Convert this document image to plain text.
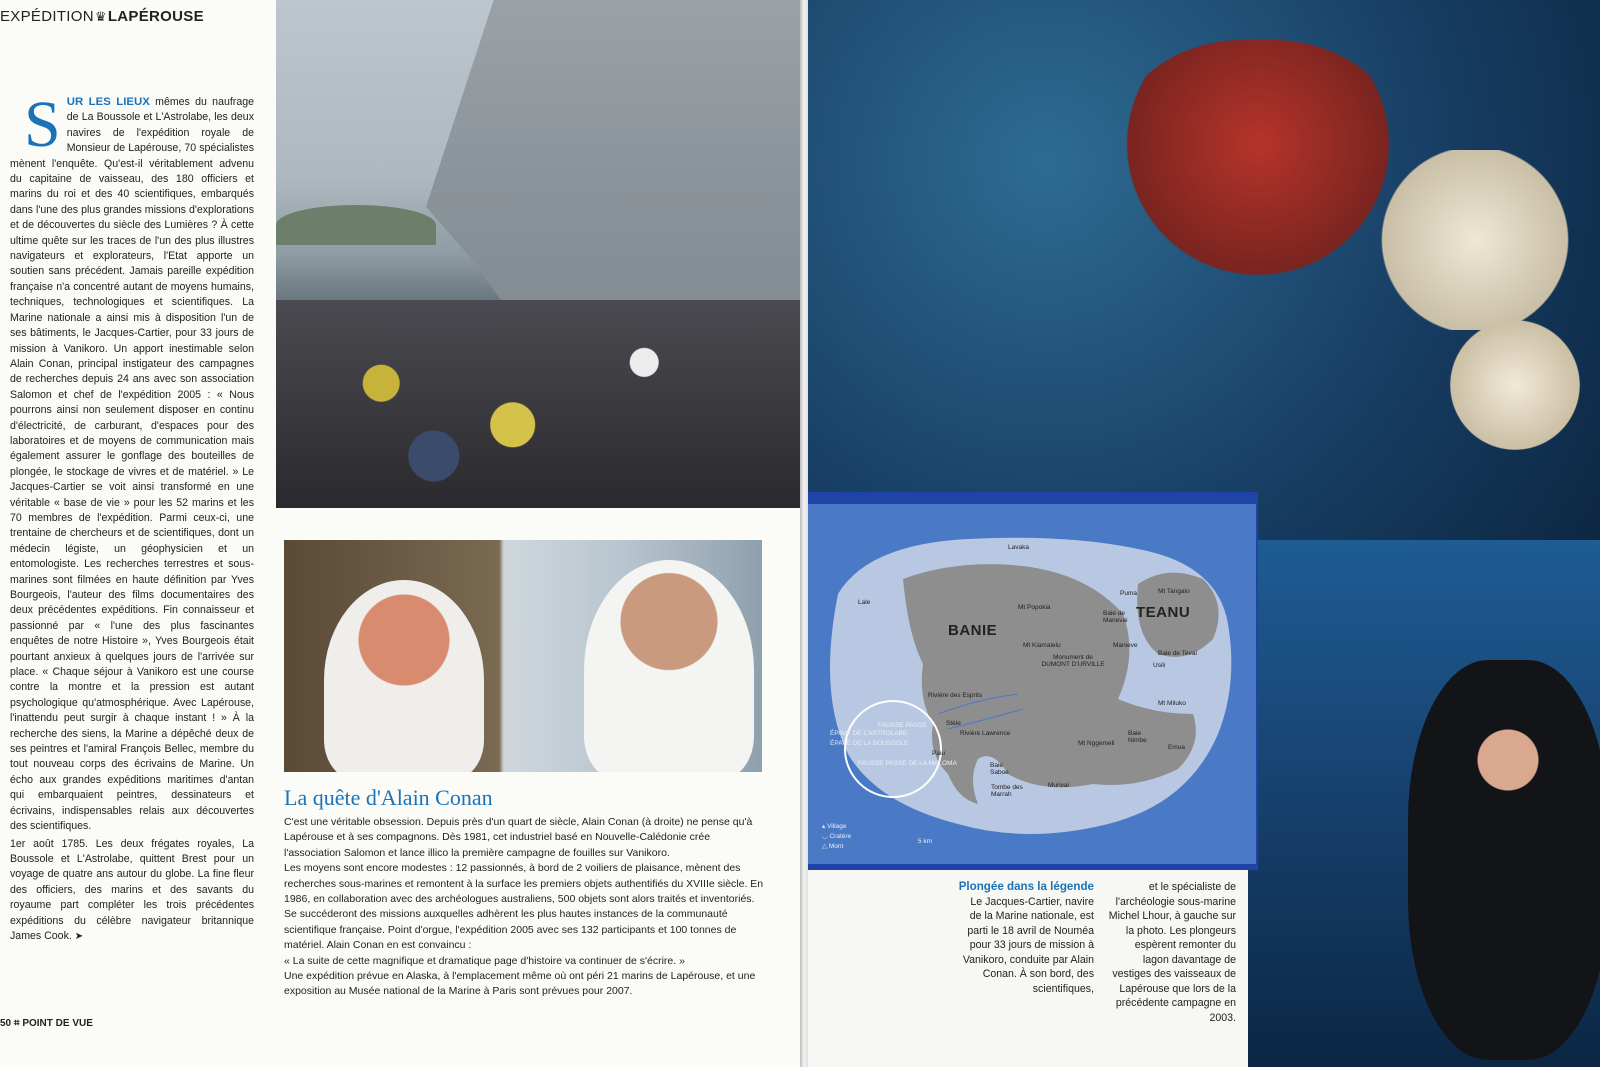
EXPÉDITION♛LAPÉROUSE
S UR LES LIEUX mêmes du naufrage de La Boussole et L'Astrolabe, les deux navires de l'expédition royale de Monsieur de Lapérouse, 70 spécialistes mènent l'enquête. Qu'est-il véritablement advenu du capitaine de vaisseau, des 180 officiers et marins du roi et des 40 scientifiques, embarqués dans l'une des plus grandes missions d'explorations et de découvertes du siècle des Lumières ? À cette ultime quête sur les traces de l'un des plus illustres navigateurs et explorateurs, l'Etat apporte un soutien sans précédent. Jamais pareille expédition française n'a concentré autant de moyens humains, techniques, technologiques et scientifiques. La Marine nationale a ainsi mis à disposition l'un de ses bâtiments, le Jacques-Cartier, pour 33 jours de mission à Vanikoro. Un apport inestimable selon Alain Conan, principal instigateur des campagnes de recherches depuis 24 ans avec son association Salomon et chef de l'expédition 2005 : « Nous pourrons ainsi non seulement disposer en continu d'électricité, de carburant, d'espaces pour des laboratoires et de moyens de communication mais également assurer le gonflage des bouteilles de plongée, le stockage de vivres et de matériel. » Le Jacques-Cartier se voit ainsi transformé en une véritable « base de vie » pour les 52 marins et les 70 membres de l'expédition. Parmi ceux-ci, une trentaine de chercheurs et de scientifiques, dont un médecin légiste, un géophysicien et un entomologiste. Les recherches terrestres et sous-marines sont filmées en haute définition par Yves Bourgeois, l'auteur des films documentaires des deux précédentes expéditions. Fin connaisseur et passionné par « l'une des plus fascinantes enquêtes de notre Histoire », Yves Bourgeois était pourtant anxieux à quelques jours de l'arrivée sur place. « Chaque séjour à Vanikoro est une course contre la montre et la pression est autant psychologique qu'atmosphérique. Avec Lapérouse, l'inattendu peut surgir à chaque instant ! » À la recherche des siens, la Marine a dépêché deux de ses peintres et l'amiral François Bellec, membre du tout nouveau corps des écrivains de Marine. Un écho aux grandes expéditions maritimes d'antan qui embarquaient peintres, dessinateurs et écrivains, indispensables relais aux découvertes des scientifiques.

1er août 1785. Les deux frégates royales, La Boussole et L'Astrolabe, quittent Brest pour un voyage de quatre ans autour du globe. La fine fleur des officiers, des marins et des savants du royaume part compléter les trois précédentes expéditions du célèbre navigateur britannique James Cook. ➤

La quête d'Alain Conan

C'est une véritable obsession. Depuis près d'un quart de siècle, Alain Conan (à droite) ne pense qu'à Lapérouse et à ses compagnons. Dès 1981, cet industriel basé en Nouvelle-Calédonie crée l'association Salomon et lance illico la première campagne de fouilles sur Vanikoro.

Les moyens sont encore modestes : 12 passionnés, à bord de 2 voiliers de plaisance, mènent des recherches sous-marines et remontent à la surface les premiers objets authentifiés du XVIIIe siècle. En 1986, en collaboration avec des archéologues australiens, 500 objets sont alors traités et inventoriés. Se succéderont des missions auxquelles adhèrent les plus hautes instances de la communauté scientifique française. Point d'orgue, l'expédition 2005 avec ses 132 participants et 100 tonnes de matériel. Alain Conan en est convaincu :

« La suite de cette magnifique et dramatique page d'histoire va continuer de s'écrire. »

Une expédition prévue en Alaska, à l'emplacement même où ont péri 21 marins de Lapérouse, et une exposition au Musée national de la Marine à Paris sont prévues pour 2007.

50 ⌗ POINT DE VUE
BANIE
TEANU
Lavaka
Lale
Mt Popokia
Baie de Manevai
Puma	Mt Tangalo
Mt Kiamalelu
Monument de DUMONT D'URVILLE
Manieve
Baie de Tevai
Usili
Rivière des Esprits
Stèle
Rivière Lawrence
Mt Miluko
Mt Nggemeli
Paiu
Baie Saboe
Baie Nimbe
Emua
Tombe des Marrah
Murivai
ÉPAVE DE L'ASTROLABE
ÉPAVE DE LA BOUSSOLE
FAUSSE PASSE
FAUSSE PASSE DE LA MALOMA
▴ Village
◡ Cratère
△ Mont
5 km

Plongée dans la légende

Le Jacques-Cartier, navire de la Marine nationale, est parti le 18 avril de Nouméa pour 33 jours de mission à Vanikoro, conduite par Alain Conan. À son bord, des scientifiques,

et le spécialiste de l'archéologie sous-marine Michel Lhour, à gauche sur la photo. Les plongeurs espèrent remonter du lagon davantage de vestiges des vaisseaux de Lapérouse que lors de la précédente campagne en 2003.
